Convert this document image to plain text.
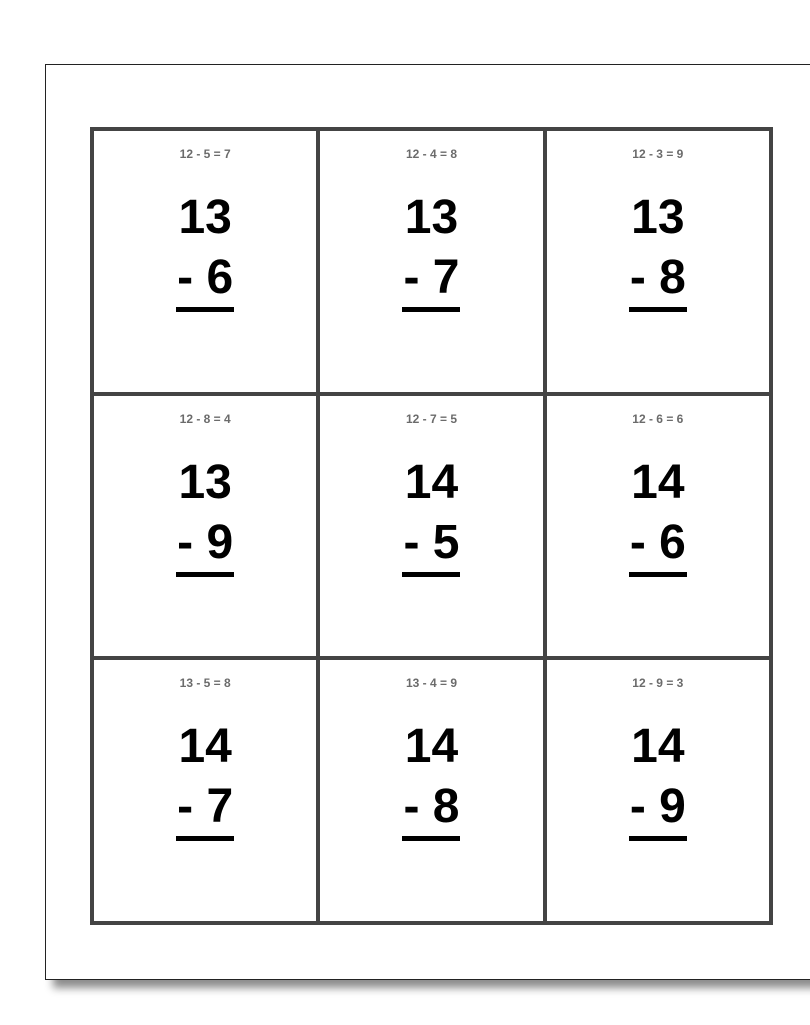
12 - 5 = 7
13
- 6
12 - 4 = 8
13
- 7
12 - 3 = 9
13
- 8
12 - 8 = 4
13
- 9
12 - 7 = 5
14
- 5
12 - 6 = 6
14
- 6
13 - 5 = 8
14
- 7
13 - 4 = 9
14
- 8
12 - 9 = 3
14
- 9
